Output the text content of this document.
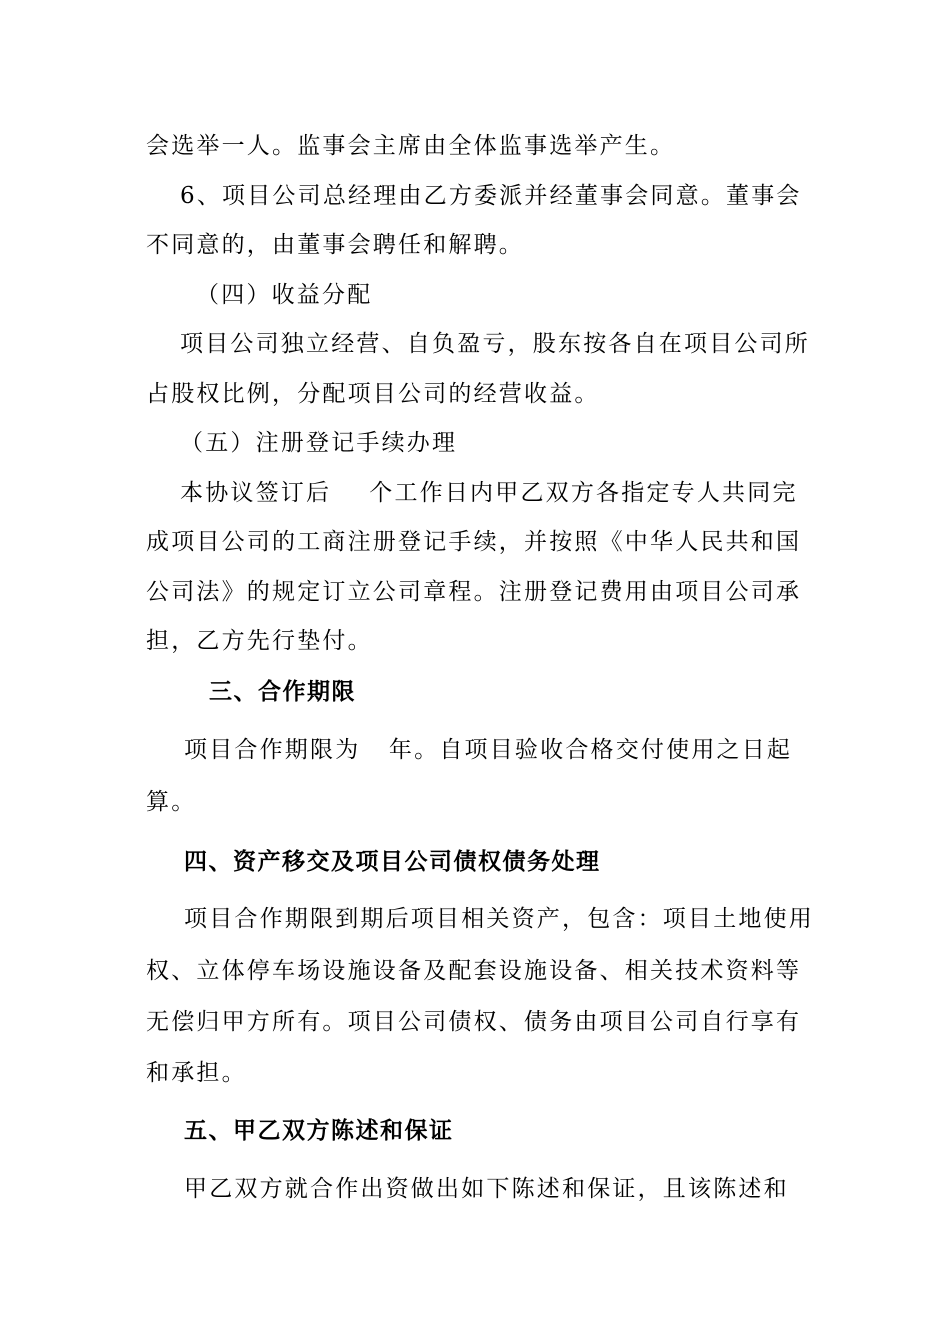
会选举一人。监事会主席由全体监事选举产生。
6、项目公司总经理由乙方委派并经董事会同意。董事会
不同意的，由董事会聘任和解聘。
（四）收益分配
项目公司独立经营、自负盈亏，股东按各自在项目公司所
占股权比例，分配项目公司的经营收益。
（五）注册登记手续办理
本协议签订后    个工作日内甲乙双方各指定专人共同完
成项目公司的工商注册登记手续，并按照《中华人民共和国
公司法》的规定订立公司章程。注册登记费用由项目公司承
担，乙方先行垫付。
三、合作期限
项目合作期限为   年。自项目验收合格交付使用之日起
算。
四、资产移交及项目公司债权债务处理
项目合作期限到期后项目相关资产，包含：项目土地使用
权、立体停车场设施设备及配套设施设备、相关技术资料等
无偿归甲方所有。项目公司债权、债务由项目公司自行享有
和承担。
五、甲乙双方陈述和保证
甲乙双方就合作出资做出如下陈述和保证，且该陈述和
